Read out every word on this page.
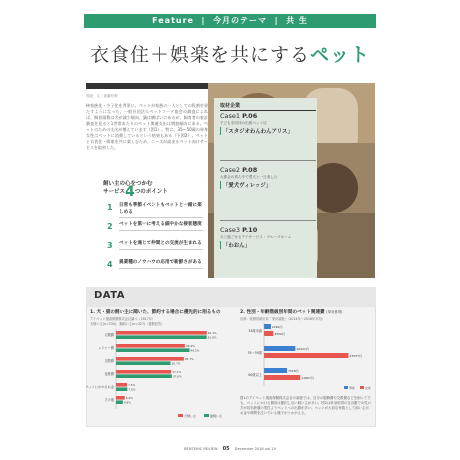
Feature  |  今月のテーマ  |  共 生
衣食住＋娯楽を共にするペット
図絵：文／恵藤有利
取材企業
Case1 P.06
子どもを同伴の出張ペット店
「スタジオわんわんアリス」
Case2 P.08
大都会の真ん中で愛犬と一日楽しむ
「愛犬ヴィレッジ」
Case3 P.10
犬と過ごせるデイサービス・グループホーム
「わおん」
核家族化・少子化を背景に、ペットが家族の一人としての役割を果たすようになった。一般社団法人ペットフード協会の調査によれば、飼育頭数は犬が減少傾向、猫は横ばいにあるが、飼育者の家計調査を見ると1世帯あたりのペット関連支出は増加傾向にある。ペットのための支出が増えています（図1）。特に、35〜50歳の単身女性はペットに消費しているという結果もある（下図2）。ペットと衣食住・娯楽を共に楽しむため、ニーズが高まるペット向けサービスを取材した。
飼い主の心をつかむ
サービス4つのポイント
1	日常も季節イベントもペットと一緒に楽しめる
2	ペットを第一に考える細やかな接客態度
3	ペットを通じて仲間との交流が生まれる
4	異業種のノウハウの応用で新鮮さがある
DATA
1. 犬・猫の飼い主に聞いた、節約する場合に優先的に削るもの
アイペット損害保険株式会社調べ（2017年）
犬飼い主(n=334)、猫飼い主(n=327)（複数回答）
2. 性別・年齢階級別年間のペット関連費 (単身世帯)
出典：総務省統計局「家計調査」（2014年〜2016年平均）
衣服費	61.1%
61.0%
レジャー費	46.4%
49.5%
交際費	45.7%
36.7%
化粧費	37.1%
37.6%
ペットにかかるお金	7.5%
7.6%
その他	5.9%
4.6%
犬飼い主	猫飼い主
34歳未満
2261円
3050円
35〜59歳
10221円
27537円
60歳以上
7518円
11807円
男性	女性
図1のアイペット損害保険株式会社の調査では、自分の服飾費や交際費などを削ってでも、ペットにかける費用は節約しない飼い主が多い。図2は単身世帯の支出額で女性の方が同年齢層の男性よりペットへの出費が多い。ペットが大切な家族として飼い主がお金や時間を注いでいる様子がうかがえる。
BENTEIHC REVIEW 05 December 2018 vol.19
